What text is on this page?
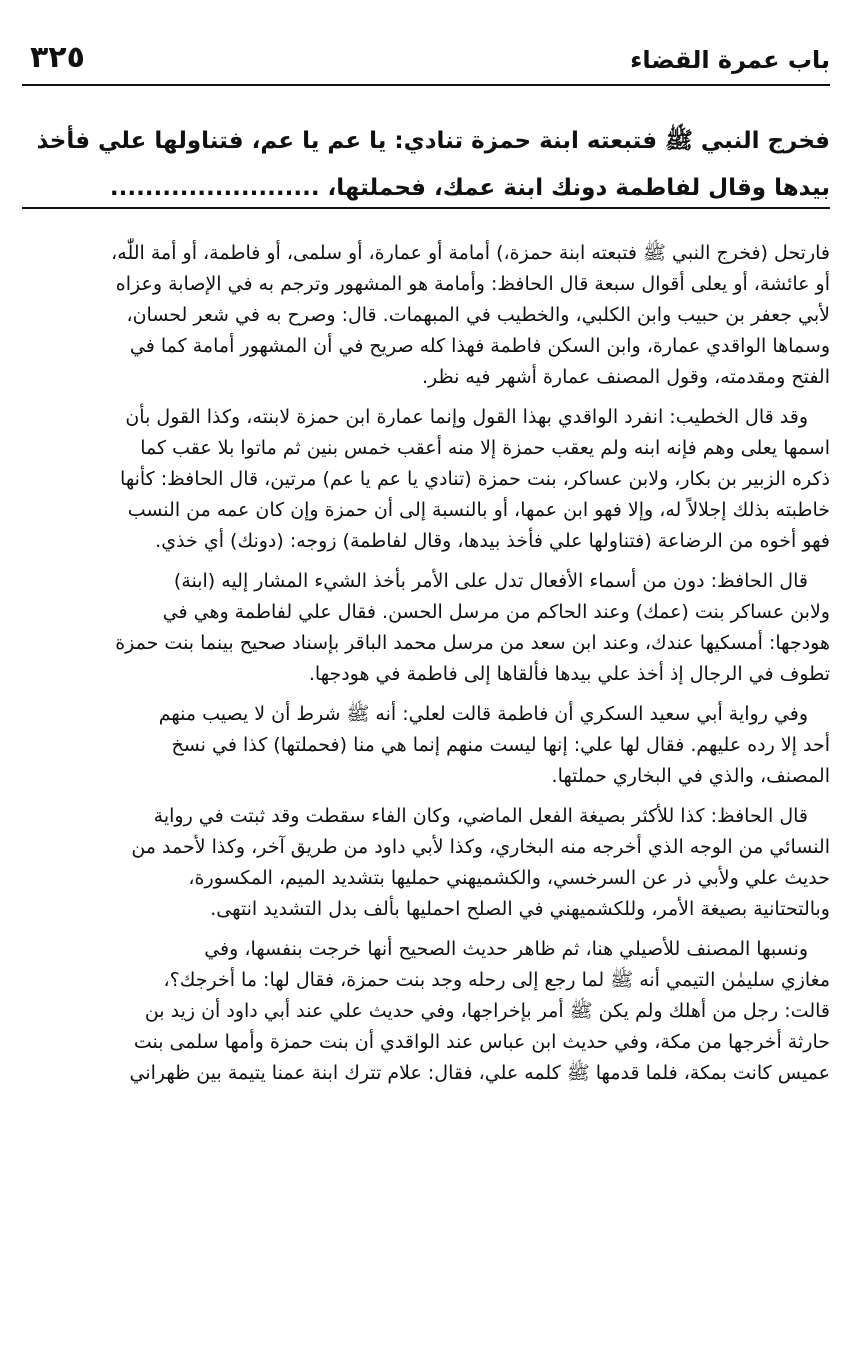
٣٢٥	باب عمرة القضاء
فخرج النبي ﷺ فتبعته ابنة حمزة تنادي: يا عم يا عم، فتناولها علي فأخذ
بيدها وقال لفاطمة دونك ابنة عمك، فحملتها، ........................

فارتحل (فخرج النبي ﷺ فتبعته ابنة حمزة،) أمامة أو عمارة، أو سلمى، أو فاطمة، أو أمة اللّٰه،
أو عائشة، أو يعلى أقوال سبعة قال الحافظ: وأمامة هو المشهور وترجم به في الإصابة وعزاه
لأبي جعفر بن حبيب وابن الكلبي، والخطيب في المبهمات. قال: وصرح به في شعر لحسان،
وسماها الواقدي عمارة، وابن السكن فاطمة فهذا كله صريح في أن المشهور أمامة كما في
الفتح ومقدمته، وقول المصنف عمارة أشهر فيه نظر.

وقد قال الخطيب: انفرد الواقدي بهذا القول وإنما عمارة ابن حمزة لابنته، وكذا القول بأن
اسمها يعلى وهم فإنه ابنه ولم يعقب حمزة إلا منه أعقب خمس بنين ثم ماتوا بلا عقب كما
ذكره الزبير بن بكار، ولابن عساكر، بنت حمزة (تنادي يا عم يا عم) مرتين، قال الحافظ: كأنها
خاطبته بذلك إجلالاً له، وإلا فهو ابن عمها، أو بالنسبة إلى أن حمزة وإن كان عمه من النسب
فهو أخوه من الرضاعة (فتناولها علي فأخذ بيدها، وقال لفاطمة) زوجه: (دونك) أي خذي.

قال الحافظ: دون من أسماء الأفعال تدل على الأمر بأخذ الشيء المشار إليه (ابنة)
ولابن عساكر بنت (عمك) وعند الحاكم من مرسل الحسن. فقال علي لفاطمة وهي في
هودجها: أمسكيها عندك، وعند ابن سعد من مرسل محمد الباقر بإسناد صحيح بينما بنت حمزة
تطوف في الرجال إذ أخذ علي بيدها فألقاها إلى فاطمة في هودجها.

وفي رواية أبي سعيد السكري أن فاطمة قالت لعلي: أنه ﷺ شرط أن لا يصيب منهم
أحد إلا رده عليهم. فقال لها علي: إنها ليست منهم إنما هي منا (فحملتها) كذا في نسخ
المصنف، والذي في البخاري حملتها.

قال الحافظ: كذا للأكثر بصيغة الفعل الماضي، وكان الفاء سقطت وقد ثبتت في رواية
النسائي من الوجه الذي أخرجه منه البخاري، وكذا لأبي داود من طريق آخر، وكذا لأحمد من
حديث علي ولأبي ذر عن السرخسي، والكشميهني حمليها بتشديد الميم، المكسورة،
وبالتحتانية بصيغة الأمر، وللكشميهني في الصلح احمليها بألف بدل التشديد انتهى.

ونسبها المصنف للأصيلي هنا، ثم ظاهر حديث الصحيح أنها خرجت بنفسها، وفي
مغازي سليمٰن التيمي أنه ﷺ لما رجع إلى رحله وجد بنت حمزة، فقال لها: ما أخرجك؟،
قالت: رجل من أهلك ولم يكن ﷺ أمر بإخراجها، وفي حديث علي عند أبي داود أن زيد بن
حارثة أخرجها من مكة، وفي حديث ابن عباس عند الواقدي أن بنت حمزة وأمها سلمى بنت
عميس كانت بمكة، فلما قدمها ﷺ كلمه علي، فقال: علام تترك ابنة عمنا يتيمة بين ظهراني
